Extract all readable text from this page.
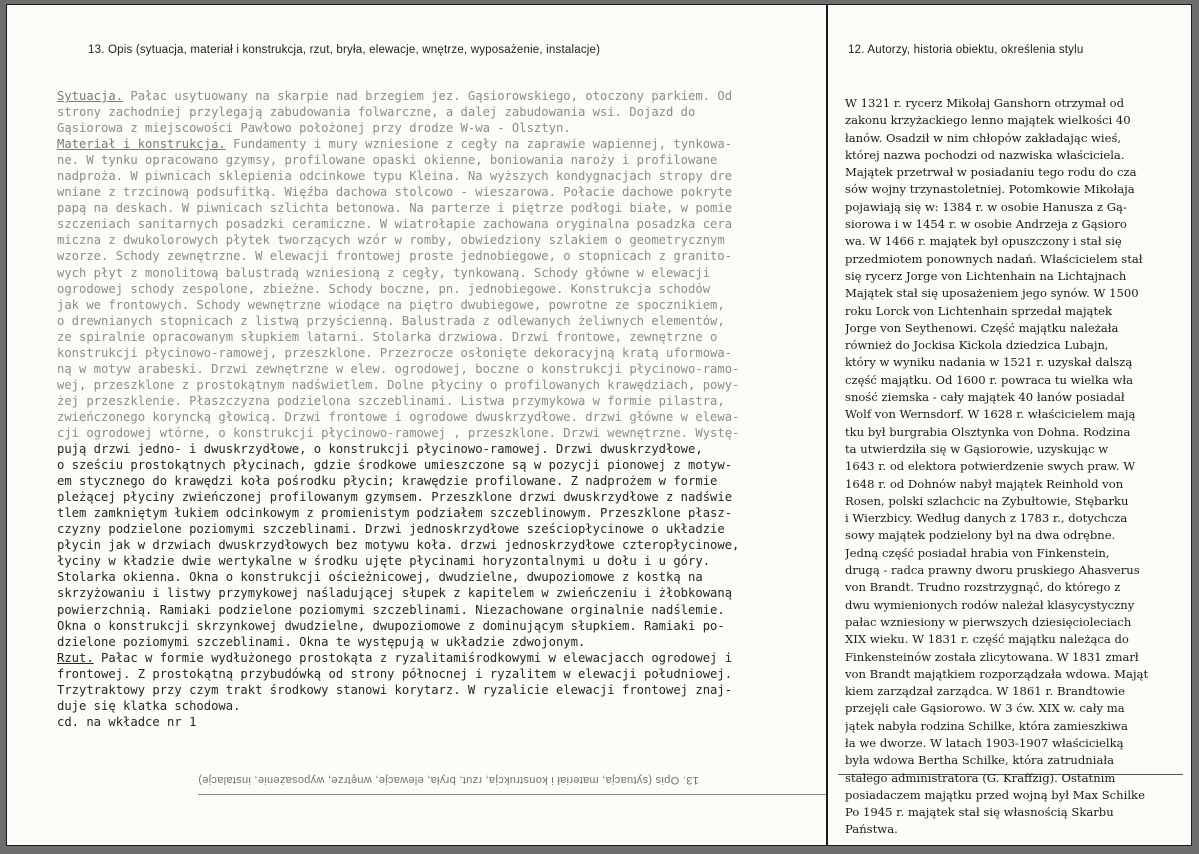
13. Opis (sytuacja, materiał i konstrukcja, rzut, bryła, elewacje, wnętrze, wyposażenie, instalacje)	12. Autorzy, historia obiektu, określenia stylu
Sytuacja. Pałac usytuowany na skarpie nad brzegiem jez. Gąsiorowskiego, otoczony parkiem. Od
strony zachodniej przylegają zabudowania folwarczne, a dalej zabudowania wsi. Dojazd do
Gąsiorowa z miejscowości Pawłowo położonej przy drodze W-wa - Olsztyn.
Materiał i konstrukcja. Fundamenty i mury wzniesione z cegły na zaprawie wapiennej, tynkowa-
ne. W tynku opracowano gzymsy, profilowane opaski okienne, boniowania naroży i profilowane
nadproża. W piwnicach sklepienia odcinkowe typu Kleina. Na wyższych kondygnacjach stropy dre
wniane z trzcinową podsufitką. Więźba dachowa stolcowo - wieszarowa. Połacie dachowe pokryte
papą na deskach. W piwnicach szlichta betonowa. Na parterze i piętrze podłogi białe, w pomie
szczeniach sanitarnych posadzki ceramiczne. W wiatrołapie zachowana oryginalna posadzka cera
miczna z dwukolorowych płytek tworzących wzór w romby, obwiedziony szlakiem o geometrycznym
wzorze. Schody zewnętrzne. W elewacji frontowej proste jednobiegowe, o stopnicach z granito-
wych płyt z monolitową balustradą wzniesioną z cegły, tynkowaną. Schody główne w elewacji
ogrodowej schody zespolone, zbieżne. Schody boczne, pn. jednobiegowe. Konstrukcja schodów
jak we frontowych. Schody wewnętrzne wiodące na piętro dwubiegowe, powrotne ze spocznikiem,
o drewnianych stopnicach z listwą przyścienną. Balustrada z odlewanych żeliwnych elementów,
ze spiralnie opracowanym słupkiem latarni. Stolarka drzwiowa. Drzwi frontowe, zewnętrzne o
konstrukcji płycinowo-ramowej, przeszklone. Przezrocze osłonięte dekoracyjną kratą uformowa-
ną w motyw arabeski. Drzwi zewnętrzne w elew. ogrodowej, boczne o konstrukcji płycinowo-ramo-
wej, przeszklone z prostokątnym nadświetlem. Dolne płyciny o profilowanych krawędziach, powy-
żej przeszklenie. Płaszczyzna podzielona szczeblinami. Listwa przymykowa w formie pilastra,
zwieńczonego koryncką głowicą. Drzwi frontowe i ogrodowe dwuskrzydłowe. drzwi główne w elewa-
cji ogrodowej wtórne, o konstrukcji płycinowo-ramowej , przeszklone. Drzwi wewnętrzne. Wystę-
pują drzwi jedno- i dwuskrzydłowe, o konstrukcji płycinowo-ramowej. Drzwi dwuskrzydłowe,
o sześciu prostokątnych płycinach, gdzie środkowe umieszczone są w pozycji pionowej z motyw-
em stycznego do krawędzi koła pośrodku płycin; krawędzie profilowane. Z nadprożem w formie
pleżącej płyciny zwieńczonej profilowanym gzymsem. Przeszklone drzwi dwuskrzydłowe z nadświe
tlem zamkniętym łukiem odcinkowym z promienistym podziałem szczeblinowym. Przeszklone płasz-
czyzny podzielone poziomymi szczeblinami. Drzwi jednoskrzydłowe sześciopłycinowe o układzie
płycin jak w drzwiach dwuskrzydłowych bez motywu koła. drzwi jednoskrzydłowe czteropłycinowe,
łyciny w kładzie dwie wertykalne w środku ujęte płycinami horyzontalnymi u dołu i u góry.
Stolarka okienna. Okna o konstrukcji ościeżnicowej, dwudzielne, dwupoziomowe z kostką na
skrzyżowaniu i listwy przymykowej naśladującej słupek z kapitelem w zwieńczeniu i żłobkowaną
powierzchnią. Ramiaki podzielone poziomymi szczeblinami. Niezachowane orginalnie nadślemie.
Okna o konstrukcji skrzynkowej dwudzielne, dwupoziomowe z dominującym słupkiem. Ramiaki po-
dzielone poziomymi szczeblinami. Okna te występują w układzie zdwojonym.
Rzut. Pałac w formie wydłużonego prostokąta z ryzalitamiśrodkowymi w elewacjacch ogrodowej i
frontowej. Z prostokątną przybudówką od strony północnej i ryzalitem w elewacji południowej.
Trzytraktowy przy czym trakt środkowy stanowi korytarz. W ryzalicie elewacji frontowej znaj-
duje się klatka schodowa.
cd. na wkładce nr 1
13. Opis (sytuacja, materiał i konstrukcja, rzut, bryła, elewacje, wnętrze, wyposażenie, instalacje)
W 1321 r. rycerz Mikołaj Ganshorn otrzymał od
zakonu krzyżackiego lenno majątek wielkości 40
łanów. Osadził w nim chłopów zakładając wieś,
której nazwa pochodzi od nazwiska właściciela.
Majątek przetrwał w posiadaniu tego rodu do cza
sów wojny trzynastoletniej. Potomkowie Mikołaja
pojawiają się w: 1384 r. w osobie Hanusza z Gą-
siorowa i w 1454 r. w osobie Andrzeja z Gąsioro
wa. W 1466 r. majątek był opuszczony i stał się
przedmiotem ponownych nadań. Właścicielem stał
się rycerz Jorge von Lichtenhain na Lichtajnach
Majątek stał się uposażeniem jego synów. W 1500
roku Lorck von Lichtenhain sprzedał majątek
Jorge von Seythenowi. Część majątku należała
również do Jockisa Kickola dziedzica Lubajn,
który w wyniku nadania w 1521 r. uzyskał dalszą
część majątku. Od 1600 r. powraca tu wielka wła
sność ziemska - cały majątek 40 łanów posiadał
Wolf von Wernsdorf. W 1628 r. właścicielem mają
tku był burgrabia Olsztynka von Dohna. Rodzina
ta utwierdziła się w Gąsiorowie, uzyskując w
1643 r. od elektora potwierdzenie swych praw. W
1648 r. od Dohnów nabył majątek Reinhold von
Rosen, polski szlachcic na Zybułtowie, Stębarku
i Wierzbicy. Według danych z 1783 r., dotychcza
sowy majątek podzielony był na dwa odrębne.
Jedną część posiadał hrabia von Finkenstein,
drugą - radca prawny dworu pruskiego Ahasverus
von Brandt. Trudno rozstrzygnąć, do którego z
dwu wymienionych rodów należał klasycystyczny
pałac wzniesiony w pierwszych dziesięcioleciach
XIX wieku. W 1831 r. część majątku należąca do
Finkensteinów została zlicytowana. W 1831 zmarł
von Brandt majątkiem rozporządzała wdowa. Mająt
kiem zarządzał zarządca. W 1861 r. Brandtowie
przejęli całe Gąsiorowo. W 3 ćw. XIX w. cały ma
jątek nabyła rodzina Schilke, która zamieszkiwa
ła we dworze. W latach 1903-1907 właścicielką
była wdowa Bertha Schilke, która zatrudniała
stałego administratora (G. Kraffzig). Ostatnim
posiadaczem majątku przed wojną był Max Schilke
Po 1945 r. majątek stał się własnością Skarbu
Państwa.
